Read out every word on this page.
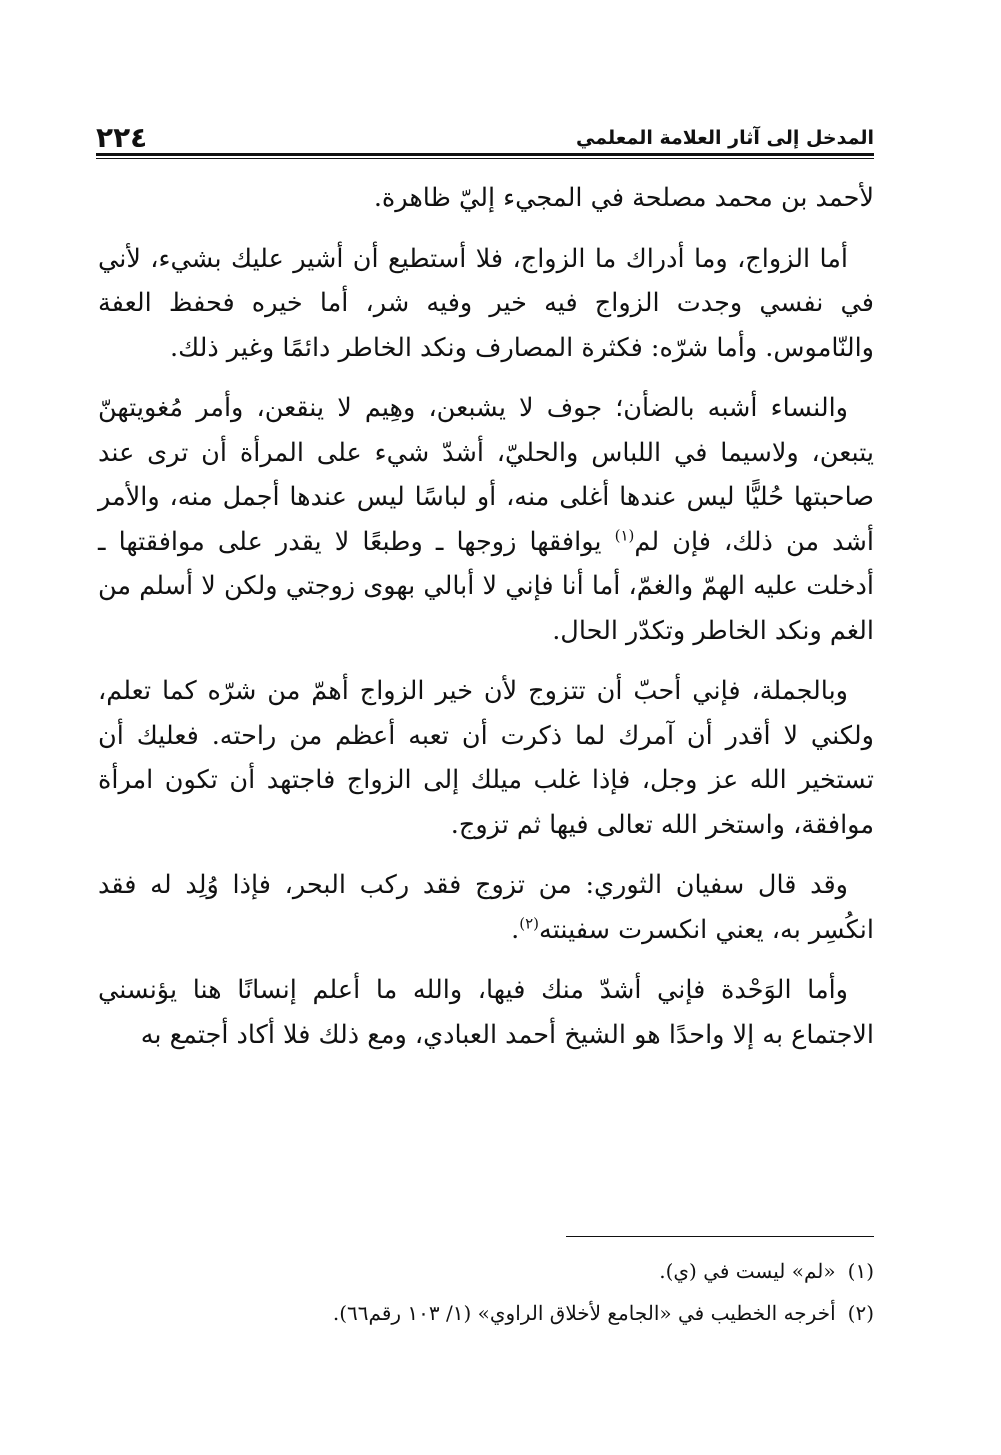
المدخل إلى آثار العلامة المعلمي
٢٢٤

لأحمد بن محمد مصلحة في المجيء إليّ ظاهرة.

أما الزواج، وما أدراك ما الزواج، فلا أستطيع أن أشير عليك بشيء، لأني في نفسي وجدت الزواج فيه خير وفيه شر، أما خيره فحفظ العفة والنّاموس. وأما شرّه: فكثرة المصارف ونكد الخاطر دائمًا وغير ذلك.

والنساء أشبه بالضأن؛ جوف لا يشبعن، وهِيم لا ينقعن، وأمر مُغويتهنّ يتبعن، ولاسيما في اللباس والحليّ، أشدّ شيء على المرأة أن ترى عند صاحبتها حُليًّا ليس عندها أغلى منه، أو لباسًا ليس عندها أجمل منه، والأمر أشد من ذلك، فإن لم$^{(١)}$ يوافقها زوجها ـ وطبعًا لا يقدر على موافقتها ـ أدخلت عليه الهمّ والغمّ، أما أنا فإني لا أبالي بهوى زوجتي ولكن لا أسلم من الغم ونكد الخاطر وتكدّر الحال.

وبالجملة، فإني أحبّ أن تتزوج لأن خير الزواج أهمّ من شرّه كما تعلم، ولكني لا أقدر أن آمرك لما ذكرت أن تعبه أعظم من راحته. فعليك أن تستخير الله عز وجل، فإذا غلب ميلك إلى الزواج فاجتهد أن تكون امرأة موافقة، واستخر الله تعالى فيها ثم تزوج.

وقد قال سفيان الثوري: من تزوج فقد ركب البحر، فإذا وُلِد له فقد انكُسِر به، يعني انكسرت سفينته$^{(٢)}$.

وأما الوَحْدة فإني أشدّ منك فيها، والله ما أعلم إنسانًا هنا يؤنسني الاجتماع به إلا واحدًا هو الشيخ أحمد العبادي، ومع ذلك فلا أكاد أجتمع به

(١)«لم» ليست في (ي).

(٢)أخرجه الخطيب في «الجامع لأخلاق الراوي» (١/ ١٠٣ رقم٦٦).
